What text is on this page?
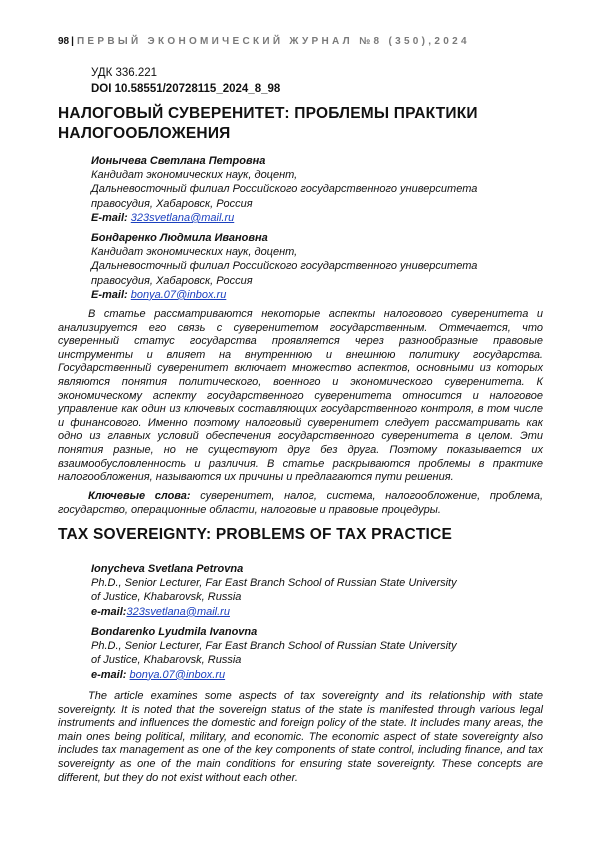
98 | ПЕРВЫЙ ЭКОНОМИЧЕСКИЙ ЖУРНАЛ №8 (350),2024
УДК 336.221
DOI 10.58551/20728115_2024_8_98
НАЛОГОВЫЙ СУВЕРЕНИТЕТ: ПРОБЛЕМЫ ПРАКТИКИ НАЛОГООБЛОЖЕНИЯ
Ионычева Светлана Петровна
Кандидат экономических наук, доцент,
Дальневосточный филиал Российского государственного университета
правосудия, Хабаровск, Россия
E-mail: 323svetlana@mail.ru
Бондаренко Людмила Ивановна
Кандидат экономических наук, доцент,
Дальневосточный филиал Российского государственного университета
правосудия, Хабаровск, Россия
E-mail: bonya.07@inbox.ru

В статье рассматриваются некоторые аспекты налогового суверенитета и анализируется его связь с суверенитетом государственным. Отмечается, что суверенный статус государства проявляется через разнообразные правовые инструменты и влияет на внутреннюю и внешнюю политику государства. Государственный суверенитет включает множество аспектов, основными из которых являются понятия политического, военного и экономического суверенитета. К экономическому аспекту государственного суверенитета относится и налоговое управление как один из ключевых составляющих государственного контроля, в том числе и финансового. Именно поэтому налоговый суверенитет следует рассматривать как одно из главных условий обеспечения государственного суверенитета в целом. Эти понятия разные, но не существуют друг без друга. Поэтому показывается их взаимообусловленность и различия. В статье раскрываются проблемы в практике налогообложения, называются их причины и предлагаются пути решения.

Ключевые слова: суверенитет, налог, система, налогообложение, проблема, государство, операционные области, налоговые и правовые процедуры.

TAX SOVEREIGNTY: PROBLEMS OF TAX PRACTICE
Ionycheva Svetlana Petrovna
Ph.D., Senior Lecturer, Far East Branch School of Russian State University
of Justice, Khabarovsk, Russia
e-mail:323svetlana@mail.ru
Bondarenko Lyudmila Ivanovna
Ph.D., Senior Lecturer, Far East Branch School of Russian State University
of Justice, Khabarovsk, Russia
e-mail: bonya.07@inbox.ru

The article examines some aspects of tax sovereignty and its relationship with state sovereignty. It is noted that the sovereign status of the state is manifested through various legal instruments and influences the domestic and foreign policy of the state. It includes many areas, the main ones being political, military, and economic. The economic aspect of state sovereignty also includes tax management as one of the key components of state control, including finance, and tax sovereignty as one of the main conditions for ensuring state sovereignty. These concepts are different, but they do not exist without each other.
